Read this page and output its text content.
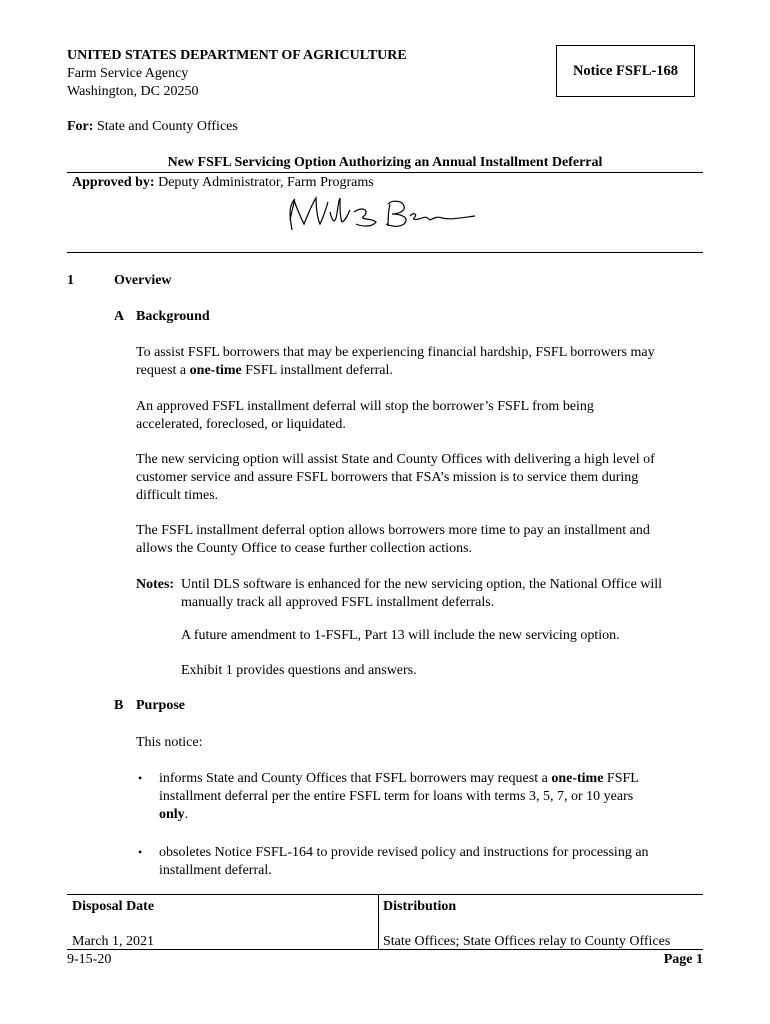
UNITED STATES DEPARTMENT OF AGRICULTURE
Farm Service Agency
Washington, DC 20250
Notice FSFL-168
For: State and County Offices
New FSFL Servicing Option Authorizing an Annual Installment Deferral
Approved by: Deputy Administrator, Farm Programs
1	Overview
A Background
To assist FSFL borrowers that may be experiencing financial hardship, FSFL borrowers may
request a one-time FSFL installment deferral.
An approved FSFL installment deferral will stop the borrower’s FSFL from being
accelerated, foreclosed, or liquidated.
The new servicing option will assist State and County Offices with delivering a high level of
customer service and assure FSFL borrowers that FSA’s mission is to service them during
difficult times.
The FSFL installment deferral option allows borrowers more time to pay an installment and
allows the County Office to cease further collection actions.
Notes: Until DLS software is enhanced for the new servicing option, the National Office will
manually track all approved FSFL installment deferrals.
A future amendment to 1-FSFL, Part 13 will include the new servicing option.
Exhibit 1 provides questions and answers.
B Purpose
This notice:
• informs State and County Offices that FSFL borrowers may request a one-time FSFL
installment deferral per the entire FSFL term for loans with terms 3, 5, 7, or 10 years
only.
• obsoletes Notice FSFL-164 to provide revised policy and instructions for processing an
installment deferral.
Disposal Date	Distribution
March 1, 2021	State Offices; State Offices relay to County Offices
9-15-20	Page 1
